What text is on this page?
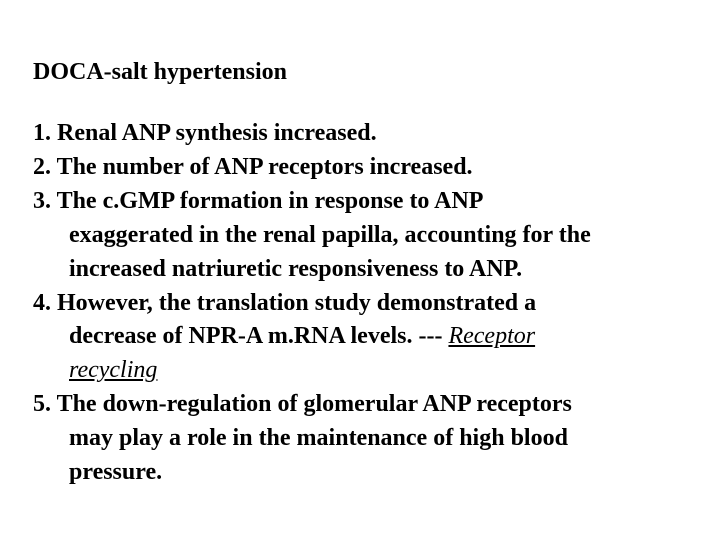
DOCA-salt hypertension
1. Renal ANP synthesis increased.
2. The number of ANP receptors increased.
3. The c.GMP formation in response to ANP
exaggerated in the renal papilla, accounting for the
increased natriuretic responsiveness to ANP.
4. However, the translation study demonstrated a
decrease of NPR-A m.RNA levels. --- Receptor
recycling
5. The down-regulation of glomerular ANP receptors
may play a role in the maintenance of high blood
pressure.
